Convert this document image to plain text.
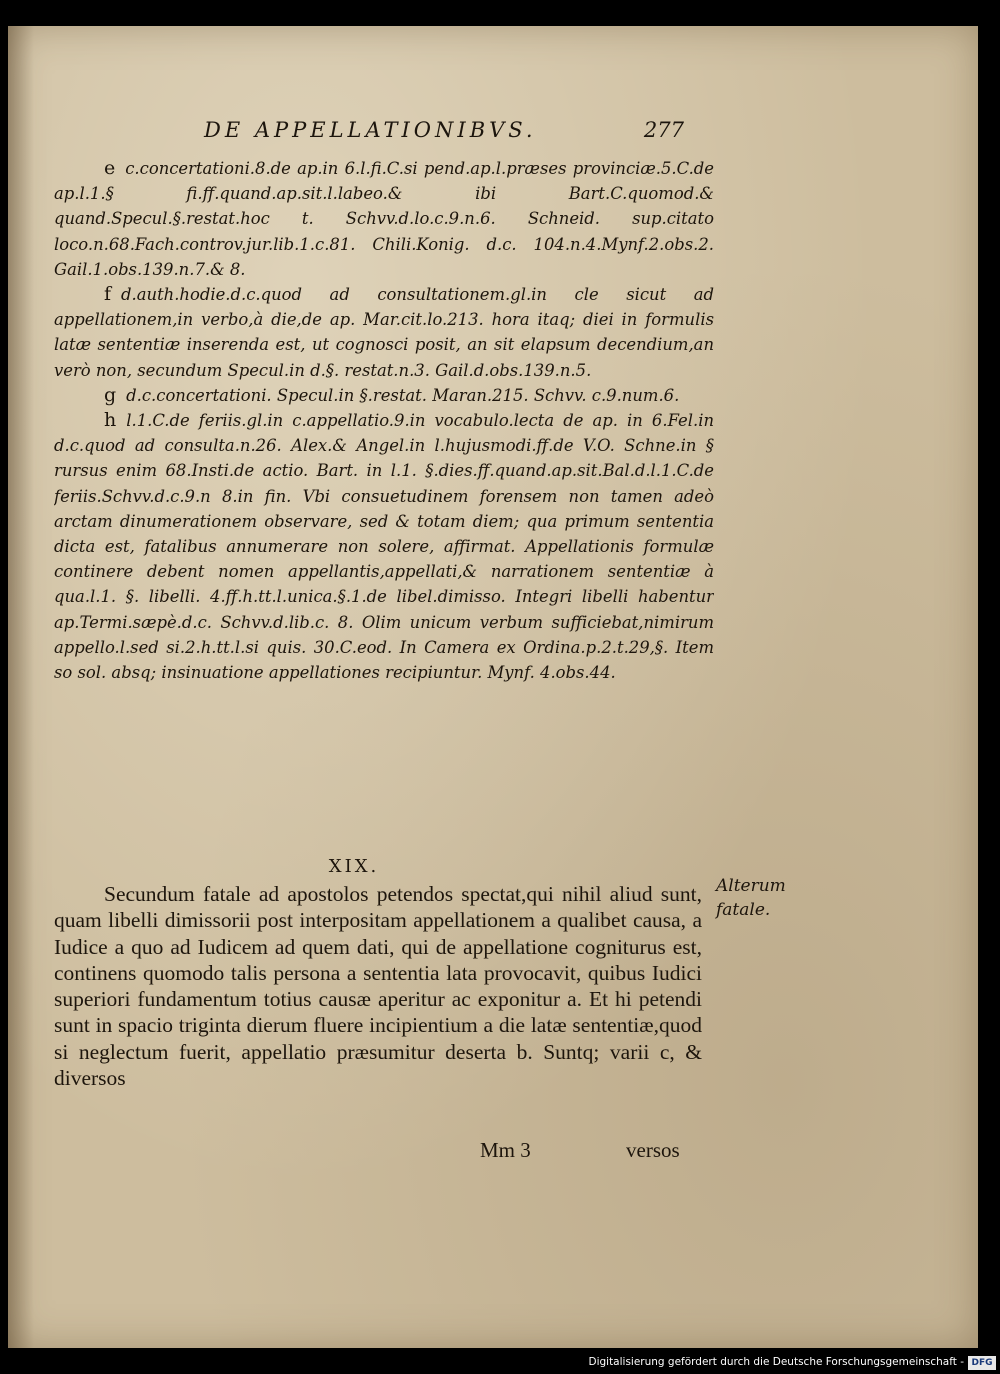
DE APPELLATIONIBVS.	277

e c.concertationi.8.de ap.in 6.l.fi.C.si pend.ap.l.præses provinciæ.5.C.de ap.l.1.§ fi.ff.quand.ap.sit.l.labeo.& ibi Bart.C.quomod.& quand.Specul.§.restat.hoc t. Schvv.d.lo.c.9.n.6. Schneid. sup.citato loco.n.68.Fach.controv.jur.lib.1.c.81. Chili.Konig. d.c. 104.n.4.Mynf.2.obs.2. Gail.1.obs.139.n.7.& 8.

f d.auth.hodie.d.c.quod ad consultationem.gl.in cle sicut ad appellationem,in verbo,à die,de ap. Mar.cit.lo.213. hora itaq; diei in formulis latæ sententiæ inserenda est, ut cognosci posit, an sit elapsum decendium,an verò non, secundum Specul.in d.§. restat.n.3. Gail.d.obs.139.n.5.

g d.c.concertationi. Specul.in §.restat. Maran.215. Schvv. c.9.num.6.

h l.1.C.de feriis.gl.in c.appellatio.9.in vocabulo.lecta de ap. in 6.Fel.in d.c.quod ad consulta.n.26. Alex.& Angel.in l.hujusmodi.ff.de V.O. Schne.in § rursus enim 68.Insti.de actio. Bart. in l.1. §.dies.ff.quand.ap.sit.Bal.d.l.1.C.de feriis.Schvv.d.c.9.n 8.in fin. Vbi consuetudinem forensem non tamen adeò arctam dinumerationem observare, sed & totam diem; qua primum sententia dicta est, fatalibus annumerare non solere, affirmat. Appellationis formulæ continere debent nomen appellantis,appellati,& narrationem sententiæ à qua.l.1. §. libelli. 4.ff.h.tt.l.unica.§.1.de libel.dimisso. Integri libelli habentur ap.Termi.sæpè.d.c. Schvv.d.lib.c. 8. Olim unicum verbum sufficiebat,nimirum appello.l.sed si.2.h.tt.l.si quis. 30.C.eod. In Camera ex Ordina.p.2.t.29,§. Item so sol. absq; insinuatione appellationes recipiuntur. Mynf. 4.obs.44.

XIX.
Secundum fatale ad apostolos petendos spectat,qui nihil aliud sunt, quam libelli dimissorii post interpositam appellationem a qualibet causa, a Iudice a quo ad Iudicem ad quem dati, qui de appellatione cogniturus est, continens quomodo talis persona a sententia lata provocavit, quibus Iudici superiori fundamentum totius causæ aperitur ac exponitur a. Et hi petendi sunt in spacio triginta dierum fluere incipientium a die latæ sententiæ,quod si neglectum fuerit, appellatio præsumitur deserta b. Suntq; varii c, & diversos
Alterum fatale.
Mm 3	versos
Digitalisierung gefördert durch die Deutsche Forschungsgemeinschaft - DFG
